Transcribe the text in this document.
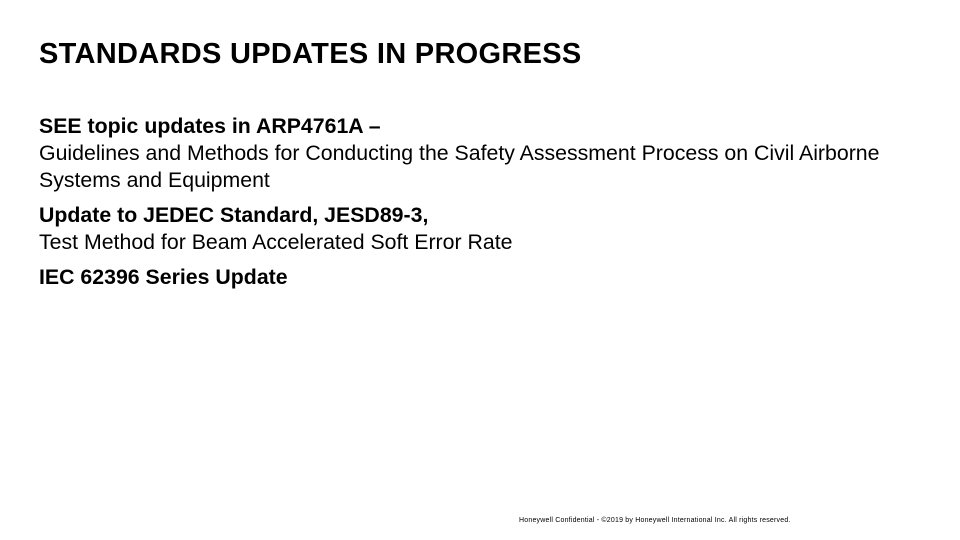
STANDARDS UPDATES IN PROGRESS
SEE topic updates in ARP4761A –
Guidelines and Methods for Conducting the Safety Assessment Process on Civil Airborne Systems and Equipment
Update to JEDEC Standard, JESD89-3,
Test Method for Beam Accelerated Soft Error Rate
IEC 62396 Series Update
Honeywell Confidential - ©2019 by Honeywell International Inc. All rights reserved.
